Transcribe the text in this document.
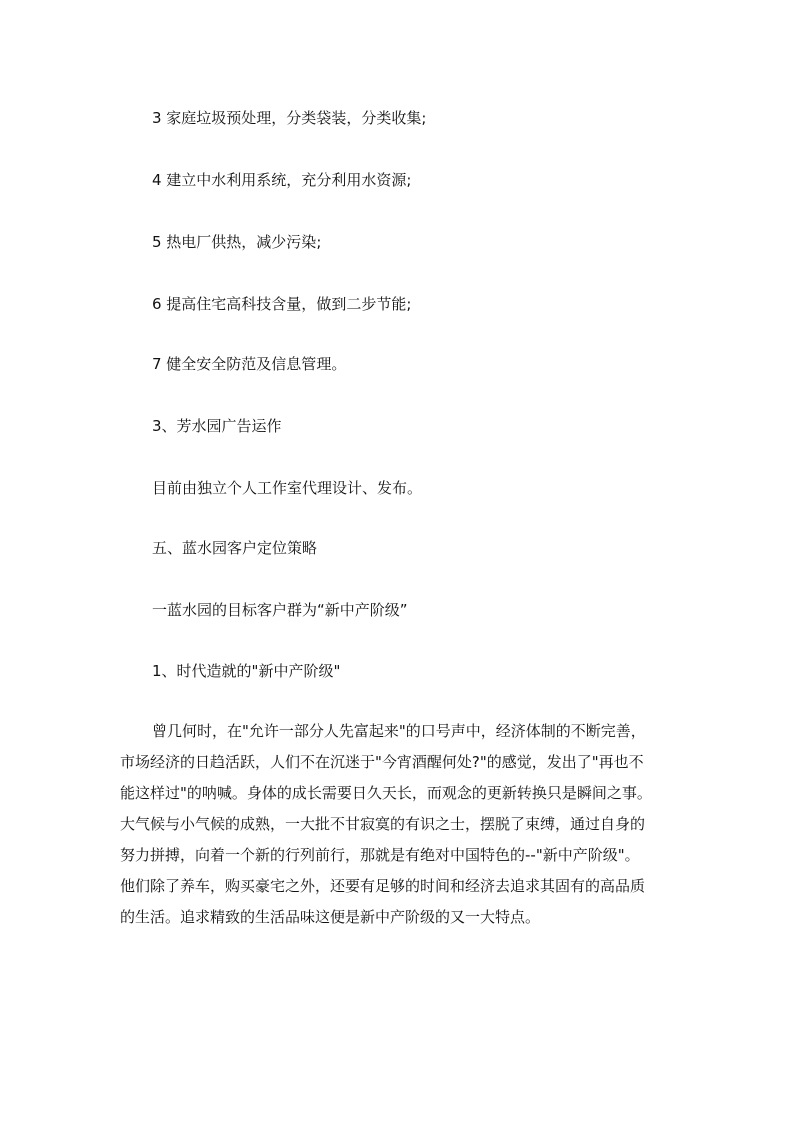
3 家庭垃圾预处理，分类袋装，分类收集;

4 建立中水利用系统，充分利用水资源;

5 热电厂供热，减少污染;

6 提高住宅高科技含量，做到二步节能;

7 健全安全防范及信息管理。

3、芳水园广告运作

目前由独立个人工作室代理设计、发布。

五、蓝水园客户定位策略

一蓝水园的目标客户群为“新中产阶级”

1、时代造就的"新中产阶级"

曾几何时，在"允许一部分人先富起来"的口号声中，经济体制的不断完善，
市场经济的日趋活跃，人们不在沉迷于"今宵酒醒何处?"的感觉，发出了"再也不
能这样过"的呐喊。身体的成长需要日久天长，而观念的更新转换只是瞬间之事。
大气候与小气候的成熟，一大批不甘寂寞的有识之士，摆脱了束缚，通过自身的
努力拼搏，向着一个新的行列前行，那就是有绝对中国特色的--"新中产阶级"。
他们除了养车，购买豪宅之外，还要有足够的时间和经济去追求其固有的高品质
的生活。追求精致的生活品味这便是新中产阶级的又一大特点。
